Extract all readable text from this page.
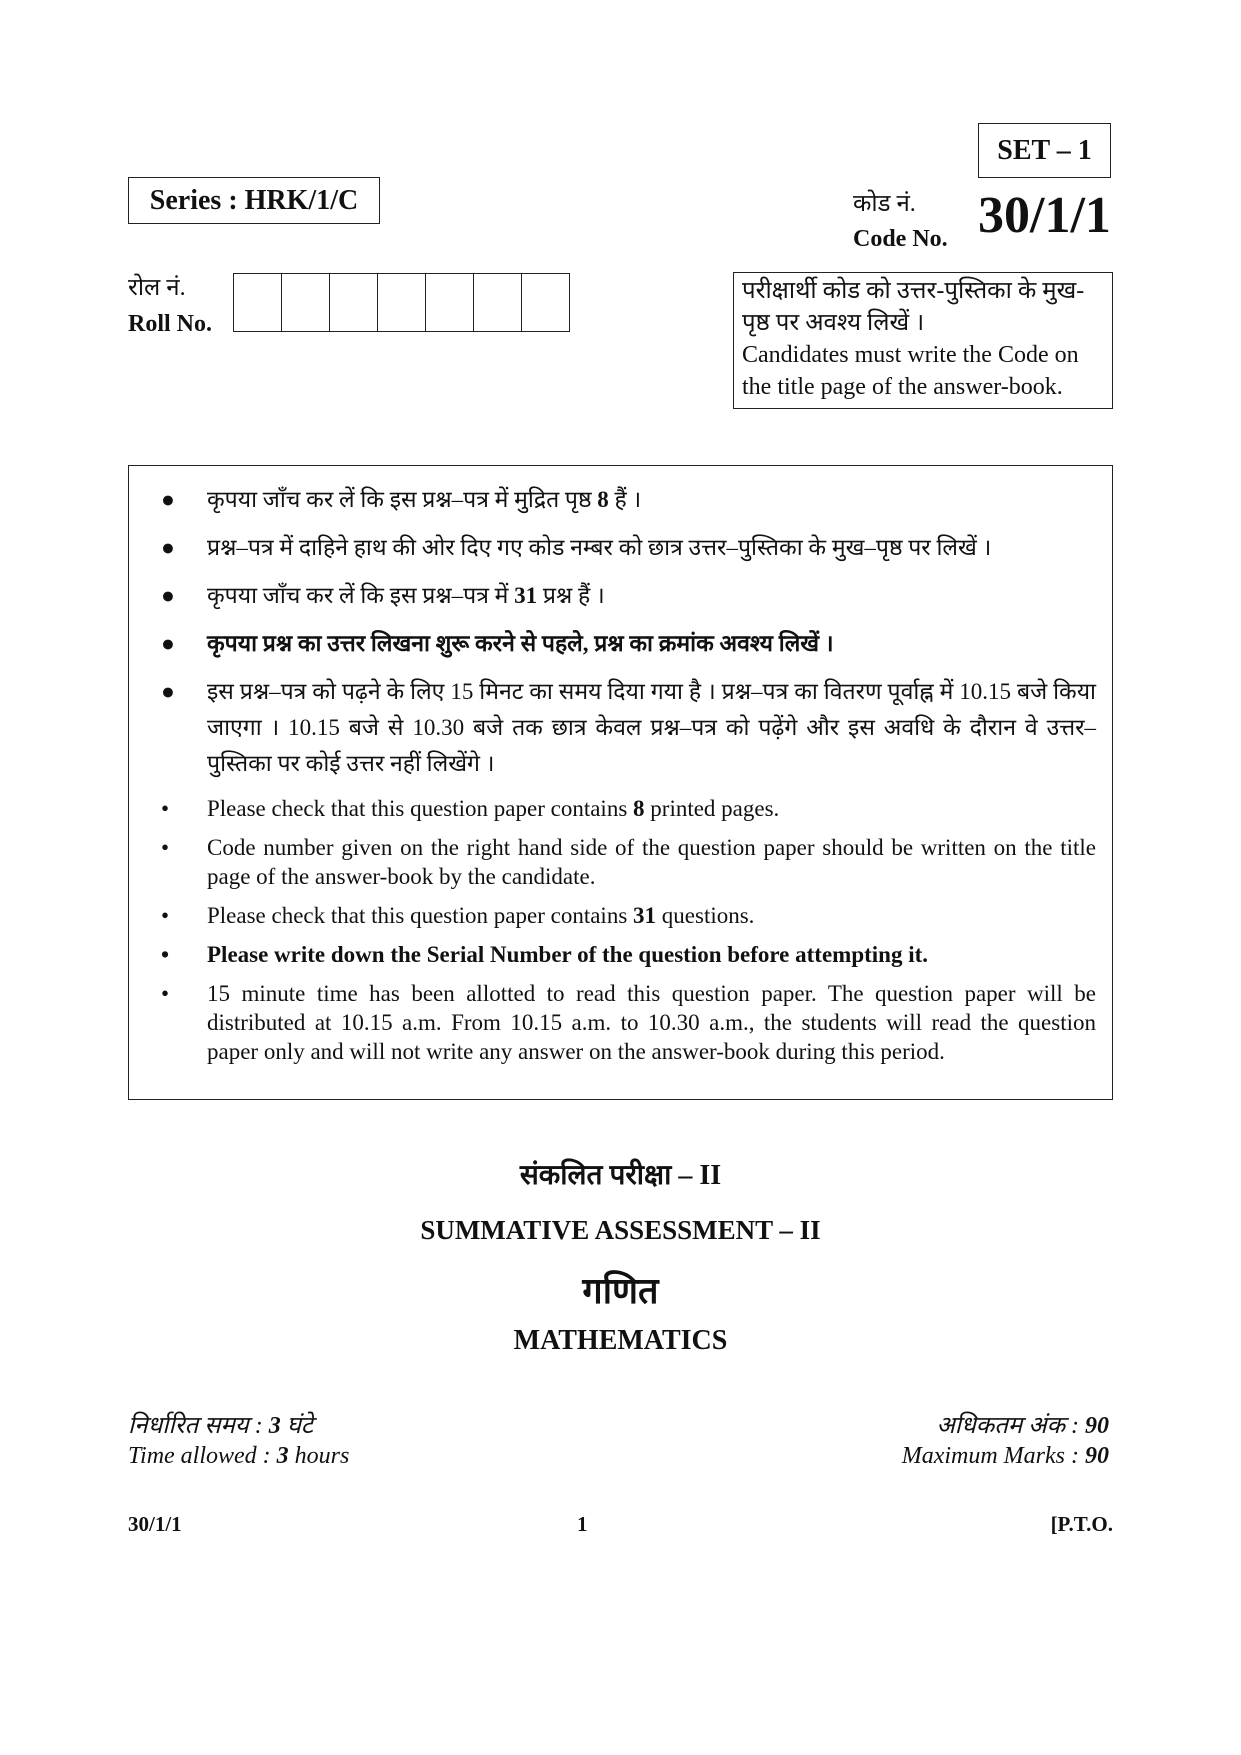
SET – 1
Series : HRK/1/C	कोड नं.
Code No. 30/1/1
रोल नं.
Roll No.
परीक्षार्थी कोड को उत्तर-पुस्तिका के मुख-पृष्ठ पर अवश्य लिखें ।
Candidates must write the Code on the title page of the answer-book.
● कृपया जाँच कर लें कि इस प्रश्न–पत्र में मुद्रित पृष्ठ 8 हैं ।
● प्रश्न–पत्र में दाहिने हाथ की ओर दिए गए कोड नम्बर को छात्र उत्तर–पुस्तिका के मुख–पृष्ठ पर लिखें ।
● कृपया जाँच कर लें कि इस प्रश्न–पत्र में 31 प्रश्न हैं ।
● कृपया प्रश्न का उत्तर लिखना शुरू करने से पहले, प्रश्न का क्रमांक अवश्य लिखें ।
● इस प्रश्न–पत्र को पढ़ने के लिए 15 मिनट का समय दिया गया है । प्रश्न–पत्र का वितरण पूर्वाह्न में 10.15 बजे किया जाएगा । 10.15 बजे से 10.30 बजे तक छात्र केवल प्रश्न–पत्र को पढ़ेंगे और इस अवधि के दौरान वे उत्तर–पुस्तिका पर कोई उत्तर नहीं लिखेंगे ।
• Please check that this question paper contains 8 printed pages.
• Code number given on the right hand side of the question paper should be written on the title page of the answer-book by the candidate.
• Please check that this question paper contains 31 questions.
• Please write down the Serial Number of the question before attempting it.
• 15 minute time has been allotted to read this question paper. The question paper will be distributed at 10.15 a.m. From 10.15 a.m. to 10.30 a.m., the students will read the question paper only and will not write any answer on the answer-book during this period.
संकलित परीक्षा – II
SUMMATIVE ASSESSMENT – II
गणित
MATHEMATICS
निर्धारित समय : 3 घंटे
Time allowed : 3 hours
अधिकतम अंक : 90
Maximum Marks : 90
30/1/1	1	[P.T.O.
